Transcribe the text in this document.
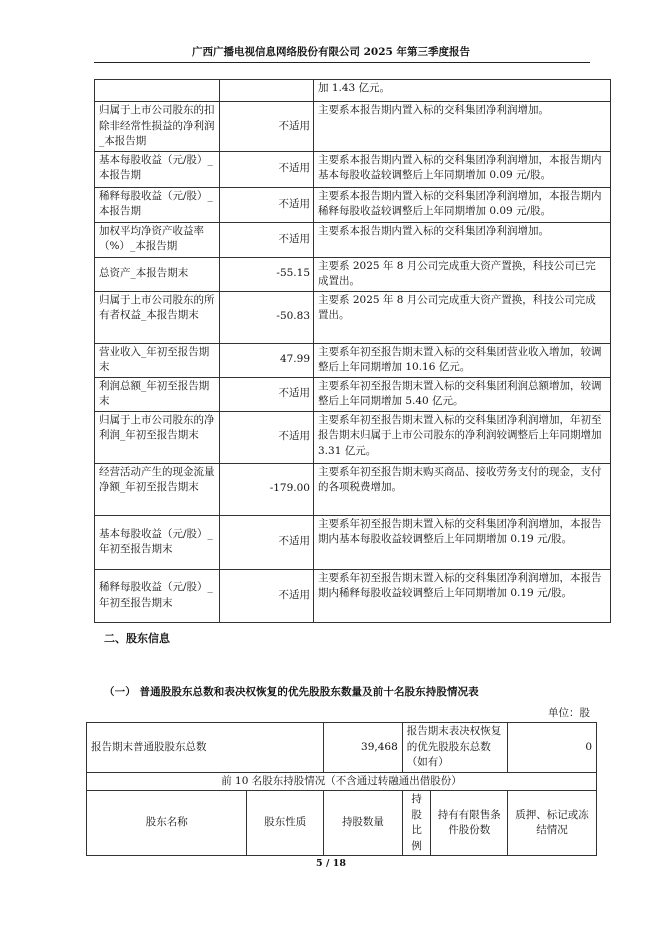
广西广播电视信息网络股份有限公司 2025 年第三季度报告
		加 1.43 亿元。
归属于上市公司股东的扣除非经常性损益的净利润_本报告期	不适用	主要系本报告期内置入标的交科集团净利润增加。
基本每股收益（元/股）_本报告期	不适用	主要系本报告期内置入标的交科集团净利润增加，本报告期内基本每股收益较调整后上年同期增加 0.09 元/股。
稀释每股收益（元/股）_本报告期	不适用	主要系本报告期内置入标的交科集团净利润增加，本报告期内稀释每股收益较调整后上年同期增加 0.09 元/股。
加权平均净资产收益率（%）_本报告期	不适用	主要系本报告期内置入标的交科集团净利润增加。
总资产_本报告期末	-55.15	主要系 2025 年 8 月公司完成重大资产置换，科技公司已完成置出。
归属于上市公司股东的所有者权益_本报告期末	-50.83	主要系 2025 年 8 月公司完成重大资产置换，科技公司完成置出。
营业收入_年初至报告期末	47.99	主要系年初至报告期末置入标的交科集团营业收入增加，较调整后上年同期增加 10.16 亿元。
利润总额_年初至报告期末	不适用	主要系年初至报告期末置入标的交科集团利润总额增加，较调整后上年同期增加 5.40 亿元。
归属于上市公司股东的净利润_年初至报告期末	不适用	主要系年初至报告期末置入标的交科集团净利润增加，年初至报告期末归属于上市公司股东的净利润较调整后上年同期增加 3.31 亿元。
经营活动产生的现金流量净额_年初至报告期末	-179.00	主要系年初至报告期末购买商品、接收劳务支付的现金，支付的各项税费增加。
基本每股收益（元/股）_年初至报告期末	不适用	主要系年初至报告期末置入标的交科集团净利润增加，本报告期内基本每股收益较调整后上年同期增加 0.19 元/股。
稀释每股收益（元/股）_年初至报告期末	不适用	主要系年初至报告期末置入标的交科集团净利润增加，本报告期内稀释每股收益较调整后上年同期增加 0.19 元/股。
二、股东信息
（一） 普通股股东总数和表决权恢复的优先股股东数量及前十名股东持股情况表
单位：股
报告期末普通股股东总数		39,468	报告期末表决权恢复的优先股股东总数（如有）		0
前 10 名股东持股情况（不含通过转融通出借股份）					
股东名称	股东性质	持股数量	持股比例	持有有限售条件股份数	质押、标记或冻结情况
5 / 18
